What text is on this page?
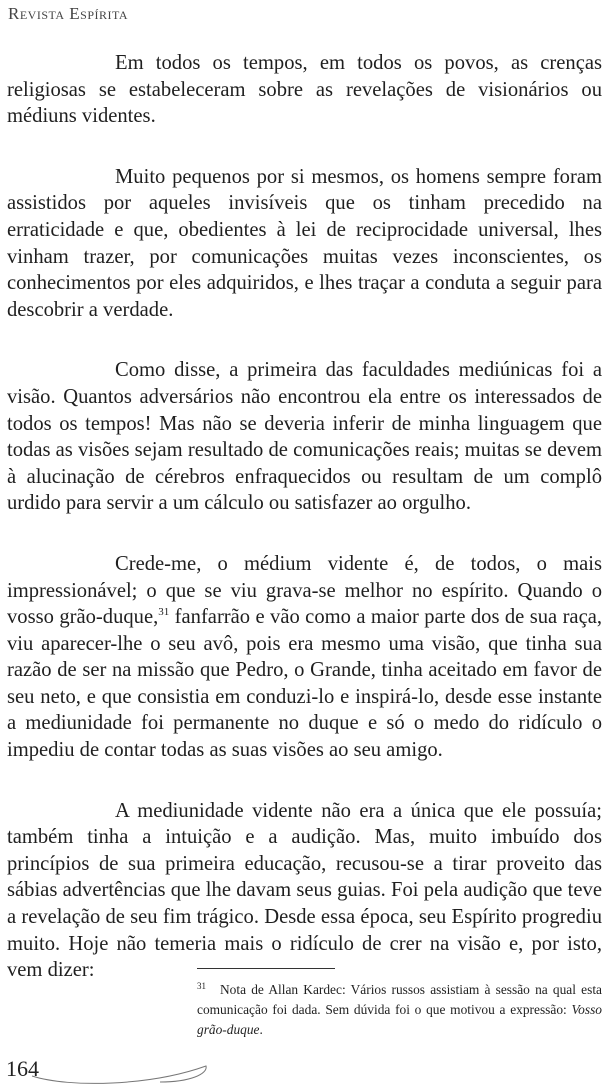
Revista Espírita

Em todos os tempos, em todos os povos, as crenças religiosas se estabeleceram sobre as revelações de visionários ou médiuns videntes.

Muito pequenos por si mesmos, os homens sempre foram assistidos por aqueles invisíveis que os tinham precedido na erraticidade e que, obedientes à lei de reciprocidade universal, lhes vinham trazer, por comunicações muitas vezes inconscientes, os conhecimentos por eles adquiridos, e lhes traçar a conduta a seguir para descobrir a verdade.

Como disse, a primeira das faculdades mediúnicas foi a visão. Quantos adversários não encontrou ela entre os interessados de todos os tempos! Mas não se deveria inferir de minha linguagem que todas as visões sejam resultado de comunicações reais; muitas se devem à alucinação de cérebros enfraquecidos ou resultam de um complô urdido para servir a um cálculo ou satisfazer ao orgulho.

Crede-me, o médium vidente é, de todos, o mais impressionável; o que se viu grava-se melhor no espírito. Quando o vosso grão-duque,$^{31}$ fanfarrão e vão como a maior parte dos de sua raça, viu aparecer-lhe o seu avô, pois era mesmo uma visão, que tinha sua razão de ser na missão que Pedro, o Grande, tinha aceitado em favor de seu neto, e que consistia em conduzi-lo e inspirá-lo, desde esse instante a mediunidade foi permanente no duque e só o medo do ridículo o impediu de contar todas as suas visões ao seu amigo.

A mediunidade vidente não era a única que ele possuía; também tinha a intuição e a audição. Mas, muito imbuído dos princípios de sua primeira educação, recusou-se a tirar proveito das sábias advertências que lhe davam seus guias. Foi pela audição que teve a revelação de seu fim trágico. Desde essa época, seu Espírito progrediu muito. Hoje não temeria mais o ridículo de crer na visão e, por isto, vem dizer:

$^{31}$ Nota de Allan Kardec: Vários russos assistiam à sessão na qual esta comunicação foi dada. Sem dúvida foi o que motivou a expressão: Vosso grão-duque.
164
